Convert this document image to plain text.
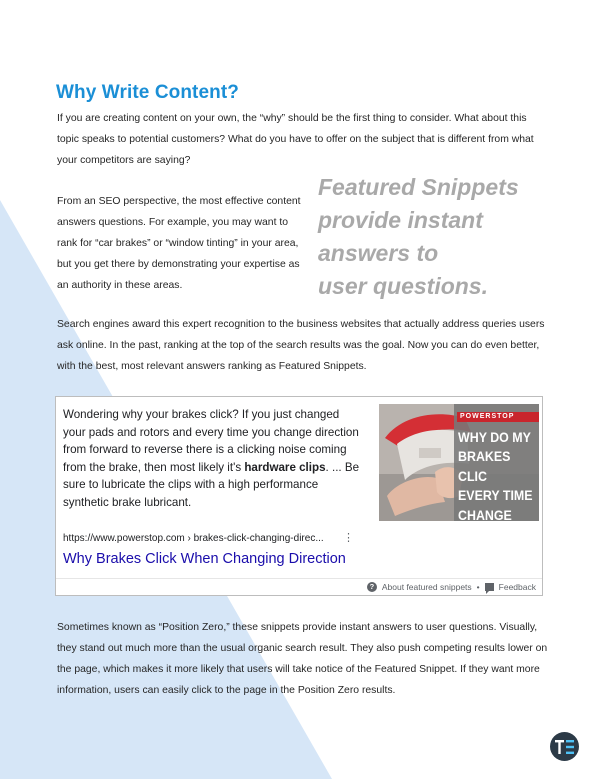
Why Write Content?

If you are creating content on your own, the “why” should be the first thing to consider. What about this topic speaks to potential customers? What do you have to offer on the subject that is different from what your competitors are saying?

From an SEO perspective, the most effective content answers questions. For example, you may want to rank for “car brakes” or “window tinting” in your area, but you get there by demonstrating your expertise as an authority in these areas.

Featured Snippets
provide instant
answers to
user questions.

Search engines award this expert recognition to the business websites that actually address queries users ask online. In the past, ranking at the top of the search results was the goal. Now you can do even better, with the best, most relevant answers ranking as Featured Snippets.

Wondering why your brakes click? If you just changed your pads and rotors and every time you change direction from forward to reverse there is a clicking noise coming from the brake, then most likely it's hardware clips. ... Be sure to lubricate the clips with a high performance synthetic brake lubricant.

POWERSTOP
WHY DO MY
BRAKES CLIC
EVERY TIME
CHANGE
DIRECTION?
https://www.powerstop.com › brakes-click-changing-direc... ⋮
Why Brakes Click When Changing Direction
? About featured snippets • Feedback

Sometimes known as “Position Zero,” these snippets provide instant answers to user questions. Visually, they stand out much more than the usual organic search result. They also push competing results lower on the page, which makes it more likely that users will take notice of the Featured Snippet. If they want more information, users can easily click to the page in the Position Zero results.
